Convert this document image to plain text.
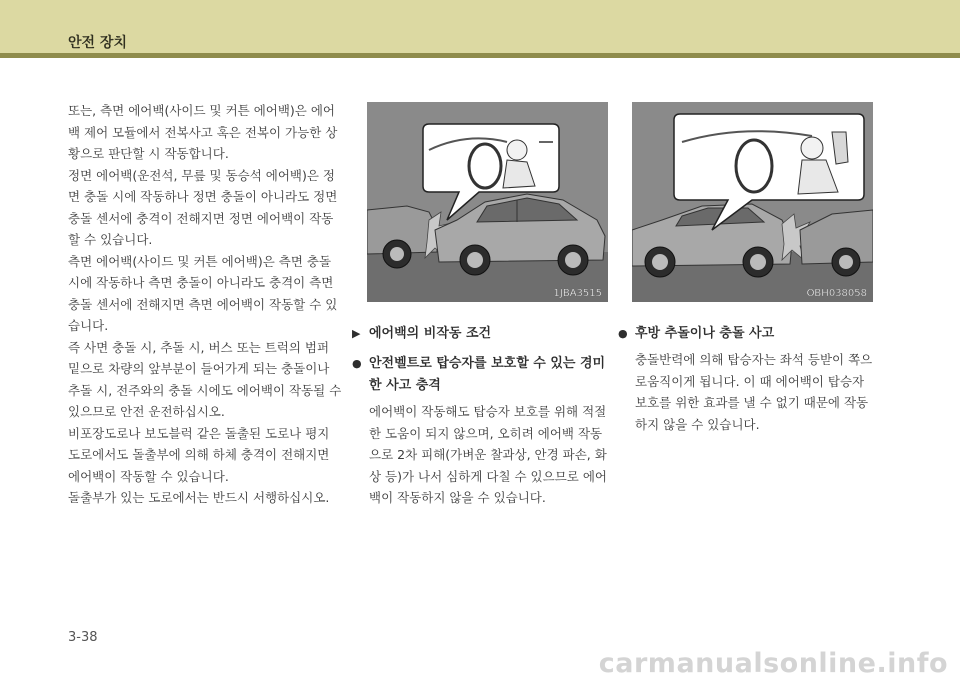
안전 장치

또는, 측면 에어백(사이드 및 커튼 에어백)은 에어백 제어 모듈에서 전복사고 혹은 전복이 가능한 상황으로 판단할 시 작동합니다.

정면 에어백(운전석, 무릎 및 동승석 에어백)은 정면 충돌 시에 작동하나 정면 충돌이 아니라도 정면 충돌 센서에 충격이 전해지면 정면 에어백이 작동할 수 있습니다.

측면 에어백(사이드 및 커튼 에어백)은 측면 충돌 시에 작동하나 측면 충돌이 아니라도 충격이 측면 충돌 센서에 전해지면 측면 에어백이 작동할 수 있습니다.

즉 사면 충돌 시, 추돌 시, 버스 또는 트럭의 범퍼 밑으로 차량의 앞부분이 들어가게 되는 충돌이나 추돌 시, 전주와의 충돌 시에도 에어백이 작동될 수 있으므로 안전 운전하십시오.

비포장도로나 보도블럭 같은 돌출된 도로나 평지 도로에서도 돌출부에 의해 하체 충격이 전해지면 에어백이 작동할 수 있습니다.

돌출부가 있는 도로에서는 반드시 서행하십시오.

1JBA3515	OBH038058
▶ 에어백의 비작동 조건
● 안전벨트로 탑승자를 보호할 수 있는 경미한 사고 충격
에어백이 작동해도 탑승자 보호를 위해 적절한 도움이 되지 않으며, 오히려 에어백 작동으로 2차 피해(가벼운 찰과상, 안경 파손, 화상 등)가 나서 심하게 다칠 수 있으므로 에어백이 작동하지 않을 수 있습니다.
● 후방 추돌이나 충돌 사고
충돌반력에 의해 탑승자는 좌석 등받이 쪽으로움직이게 됩니다. 이 때 에어백이 탑승자 보호를 위한 효과를 낼 수 없기 때문에 작동하지 않을 수 있습니다.
3-38
carmanualsonline.info
